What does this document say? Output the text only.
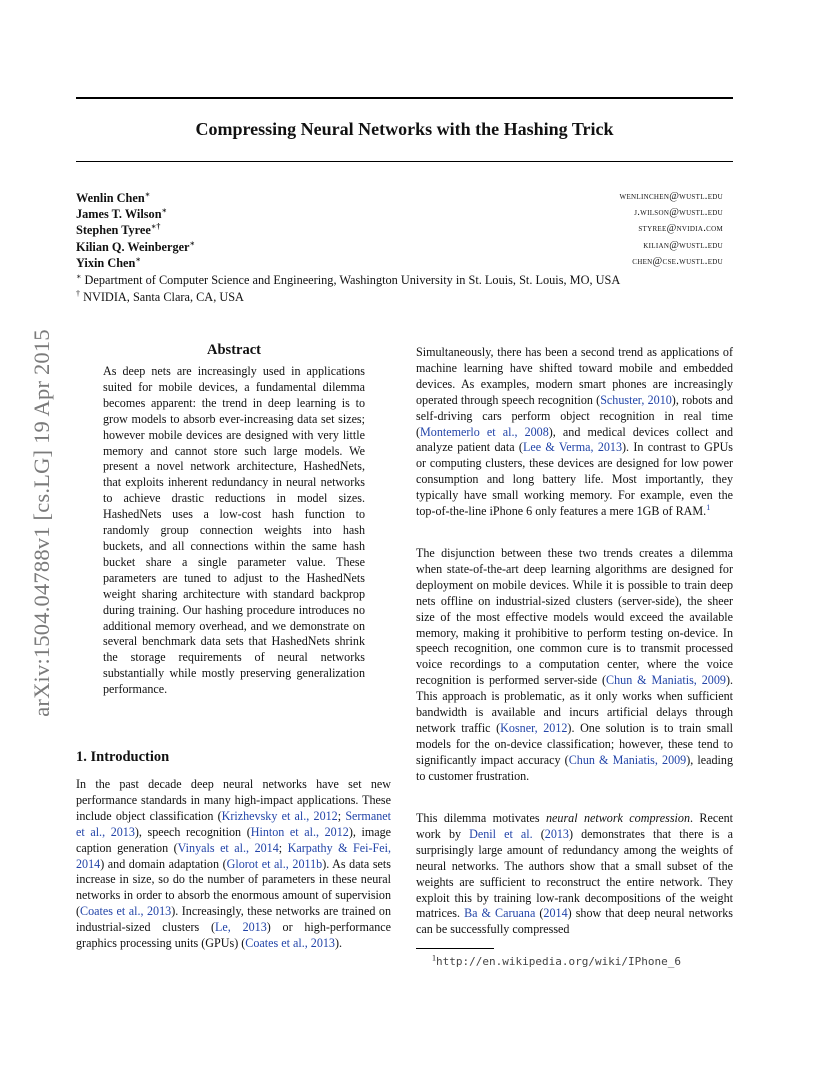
Compressing Neural Networks with the Hashing Trick
Wenlin Chen∗	wenlinchen@wustl.edu
James T. Wilson∗	j.wilson@wustl.edu
Stephen Tyree∗†	styree@nvidia.com
Kilian Q. Weinberger∗	kilian@wustl.edu
Yixin Chen∗	chen@cse.wustl.edu
∗ Department of Computer Science and Engineering, Washington University in St. Louis, St. Louis, MO, USA
† NVIDIA, Santa Clara, CA, USA
arXiv:1504.04788v1 [cs.LG] 19 Apr 2015	Abstract

As deep nets are increasingly used in applications suited for mobile devices, a fundamental dilemma becomes apparent: the trend in deep learning is to grow models to absorb ever-increasing data set sizes; however mobile devices are designed with very little memory and cannot store such large models. We present a novel network architecture, HashedNets, that exploits inherent redundancy in neural networks to achieve drastic reductions in model sizes. HashedNets uses a low-cost hash function to randomly group connection weights into hash buckets, and all connections within the same hash bucket share a single parameter value. These parameters are tuned to adjust to the HashedNets weight sharing architecture with standard backprop during training. Our hashing procedure introduces no additional memory overhead, and we demonstrate on several benchmark data sets that HashedNets shrink the storage requirements of neural networks substantially while mostly preserving generalization performance.

1. Introduction

In the past decade deep neural networks have set new performance standards in many high-impact applications. These include object classification (Krizhevsky et al., 2012; Sermanet et al., 2013), speech recognition (Hinton et al., 2012), image caption generation (Vinyals et al., 2014; Karpathy & Fei-Fei, 2014) and domain adaptation (Glorot et al., 2011b). As data sets increase in size, so do the number of parameters in these neural networks in order to absorb the enormous amount of supervision (Coates et al., 2013). Increasingly, these networks are trained on industrial-sized clusters (Le, 2013) or high-performance graphics processing units (GPUs) (Coates et al., 2013).

Simultaneously, there has been a second trend as applications of machine learning have shifted toward mobile and embedded devices. As examples, modern smart phones are increasingly operated through speech recognition (Schuster, 2010), robots and self-driving cars perform object recognition in real time (Montemerlo et al., 2008), and medical devices collect and analyze patient data (Lee & Verma, 2013). In contrast to GPUs or computing clusters, these devices are designed for low power consumption and long battery life. Most importantly, they typically have small working memory. For example, even the top-of-the-line iPhone 6 only features a mere 1GB of RAM.$^1$

The disjunction between these two trends creates a dilemma when state-of-the-art deep learning algorithms are designed for deployment on mobile devices. While it is possible to train deep nets offline on industrial-sized clusters (server-side), the sheer size of the most effective models would exceed the available memory, making it prohibitive to perform testing on-device. In speech recognition, one common cure is to transmit processed voice recordings to a computation center, where the voice recognition is performed server-side (Chun & Maniatis, 2009). This approach is problematic, as it only works when sufficient bandwidth is available and incurs artificial delays through network traffic (Kosner, 2012). One solution is to train small models for the on-device classification; however, these tend to significantly impact accuracy (Chun & Maniatis, 2009), leading to customer frustration.

This dilemma motivates neural network compression. Recent work by Denil et al. (2013) demonstrates that there is a surprisingly large amount of redundancy among the weights of neural networks. The authors show that a small subset of the weights are sufficient to reconstruct the entire network. They exploit this by training low-rank decompositions of the weight matrices. Ba & Caruana (2014) show that deep neural networks can be successfully compressed

$^1$http://en.wikipedia.org/wiki/IPhone_6
